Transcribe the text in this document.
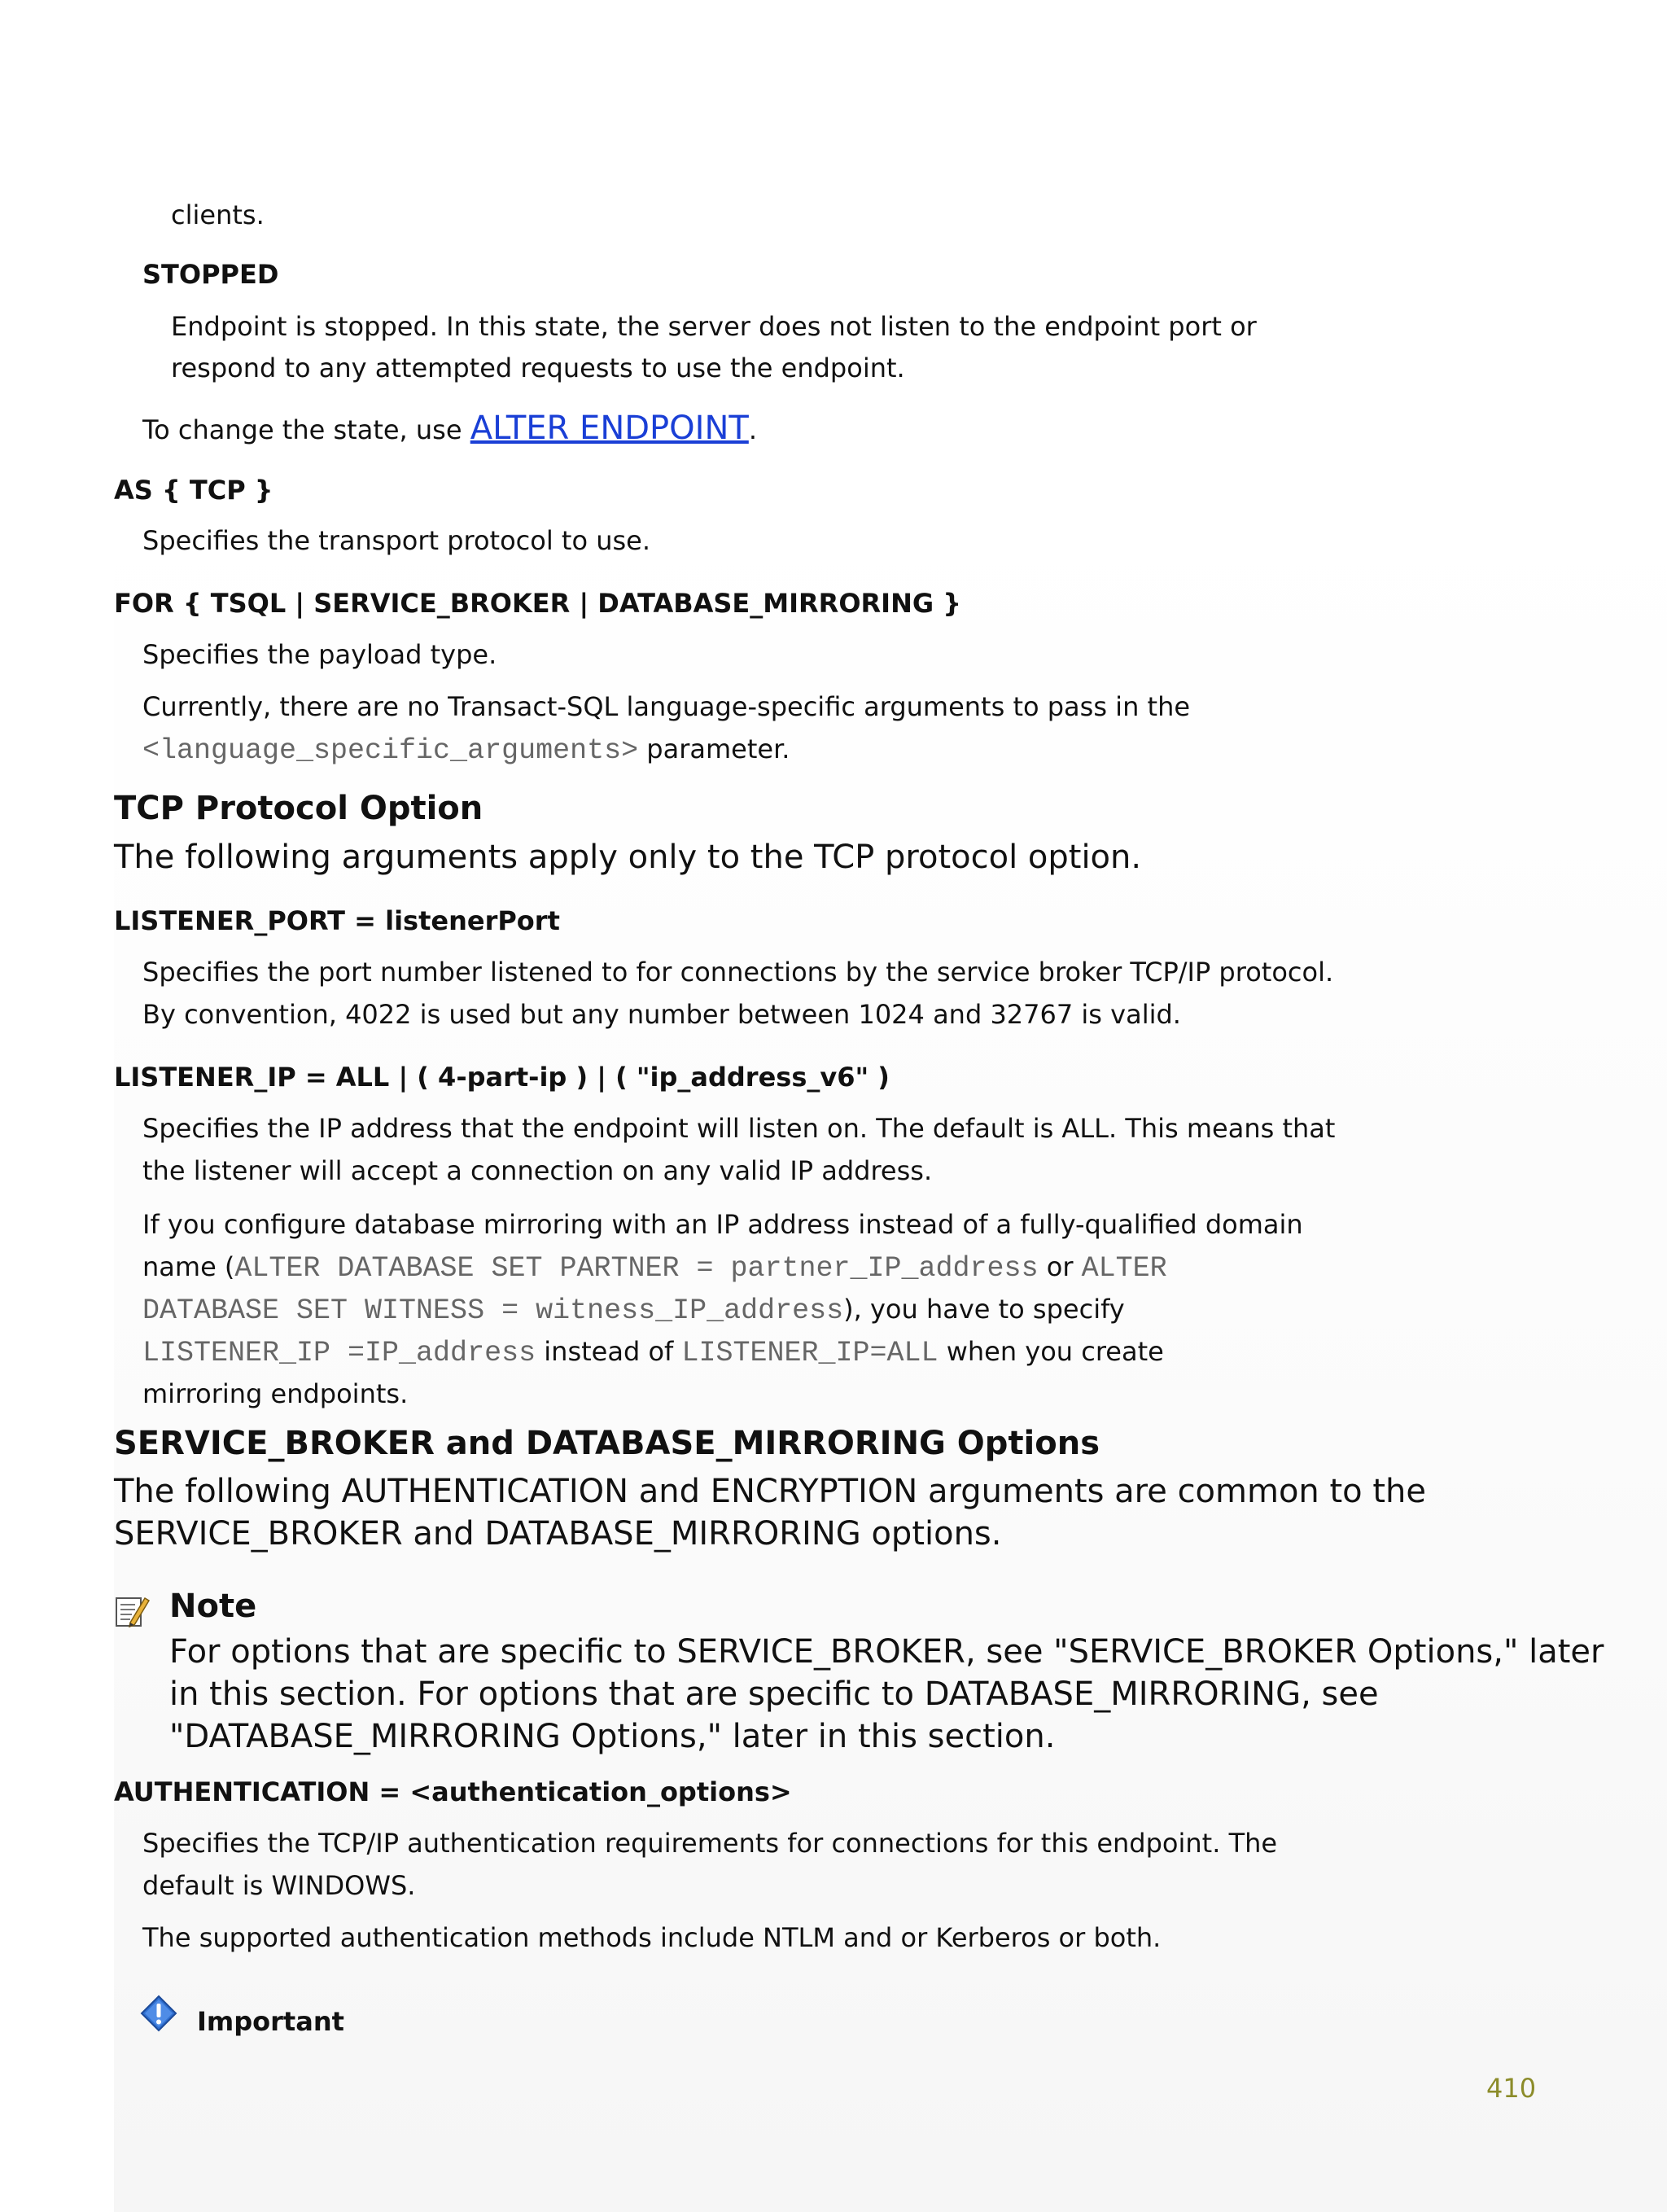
clients.
STOPPED
Endpoint is stopped. In this state, the server does not listen to the endpoint port or
respond to any attempted requests to use the endpoint.
To change the state, use ALTER ENDPOINT.
AS { TCP }
Specifies the transport protocol to use.
FOR { TSQL | SERVICE_BROKER | DATABASE_MIRRORING }
Specifies the payload type.
Currently, there are no Transact-SQL language-specific arguments to pass in the
<language_specific_arguments> parameter.
TCP Protocol Option
The following arguments apply only to the TCP protocol option.
LISTENER_PORT = listenerPort
Specifies the port number listened to for connections by the service broker TCP/IP protocol.
By convention, 4022 is used but any number between 1024 and 32767 is valid.
LISTENER_IP = ALL | ( 4-part-ip ) | ( "ip_address_v6" )
Specifies the IP address that the endpoint will listen on. The default is ALL. This means that
the listener will accept a connection on any valid IP address.
If you configure database mirroring with an IP address instead of a fully-qualified domain
name (ALTER DATABASE SET PARTNER = partner_IP_address or ALTER
DATABASE SET WITNESS = witness_IP_address), you have to specify
LISTENER_IP =IP_address instead of LISTENER_IP=ALL when you create
mirroring endpoints.
SERVICE_BROKER and DATABASE_MIRRORING Options
The following AUTHENTICATION and ENCRYPTION arguments are common to the
SERVICE_BROKER and DATABASE_MIRRORING options.
Note
For options that are specific to SERVICE_BROKER, see "SERVICE_BROKER Options," later
in this section. For options that are specific to DATABASE_MIRRORING, see
"DATABASE_MIRRORING Options," later in this section.
AUTHENTICATION = <authentication_options>
Specifies the TCP/IP authentication requirements for connections for this endpoint. The
default is WINDOWS.
The supported authentication methods include NTLM and or Kerberos or both.
Important
410
